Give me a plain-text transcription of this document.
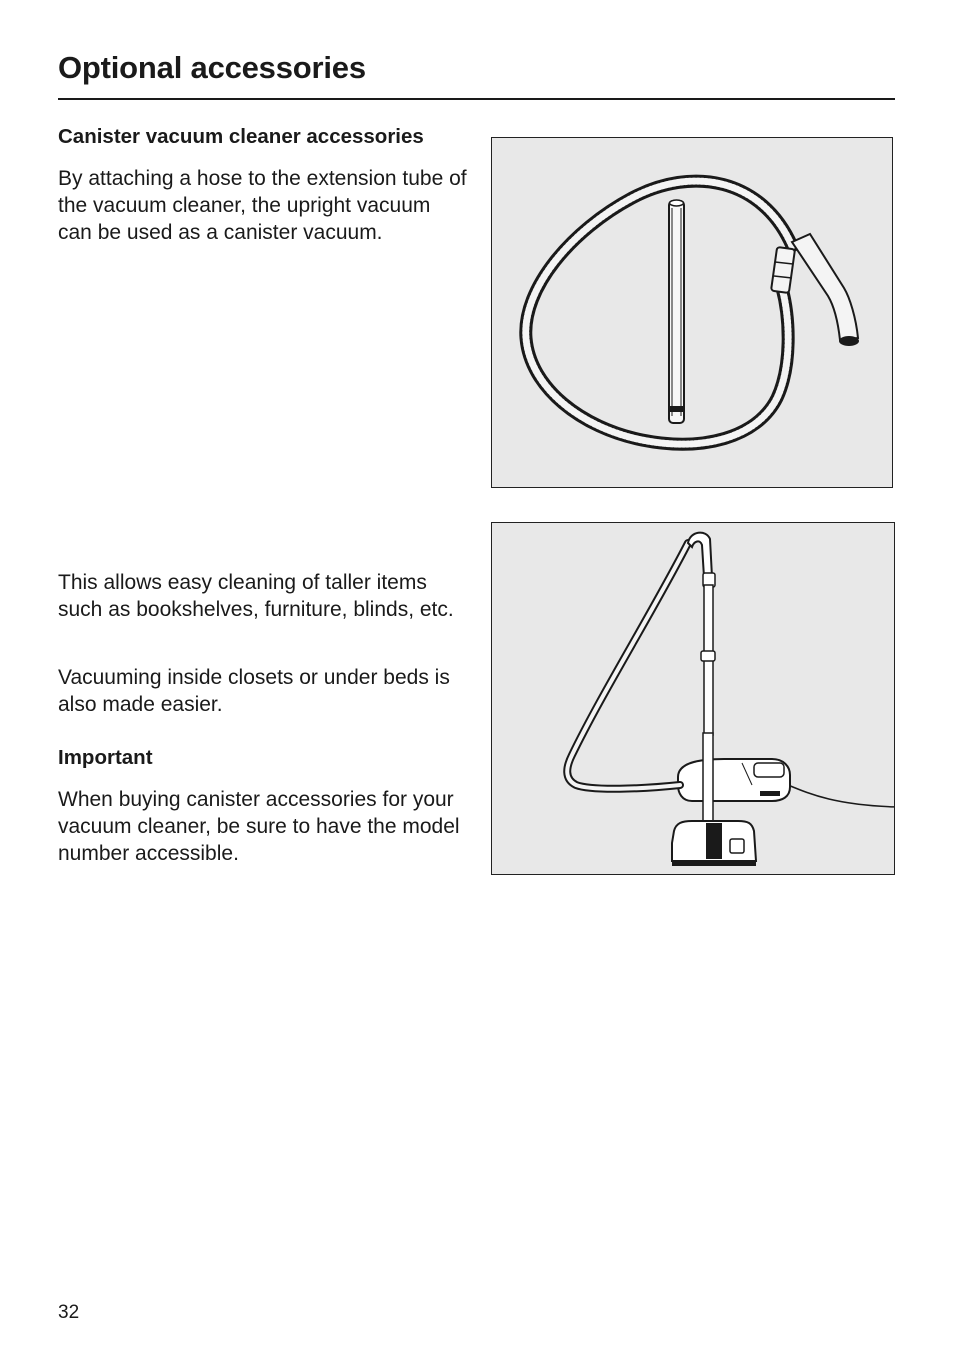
Optional accessories
Canister vacuum cleaner accessories

By attaching a hose to the extension tube of the vacuum cleaner, the upright vacuum can be used as a canister vacuum.

This allows easy cleaning of taller items such as bookshelves, furniture, blinds, etc.

Vacuuming inside closets or under beds is also made easier.

Important

When buying canister accessories for your vacuum cleaner, be sure to have the model number accessible.

32
